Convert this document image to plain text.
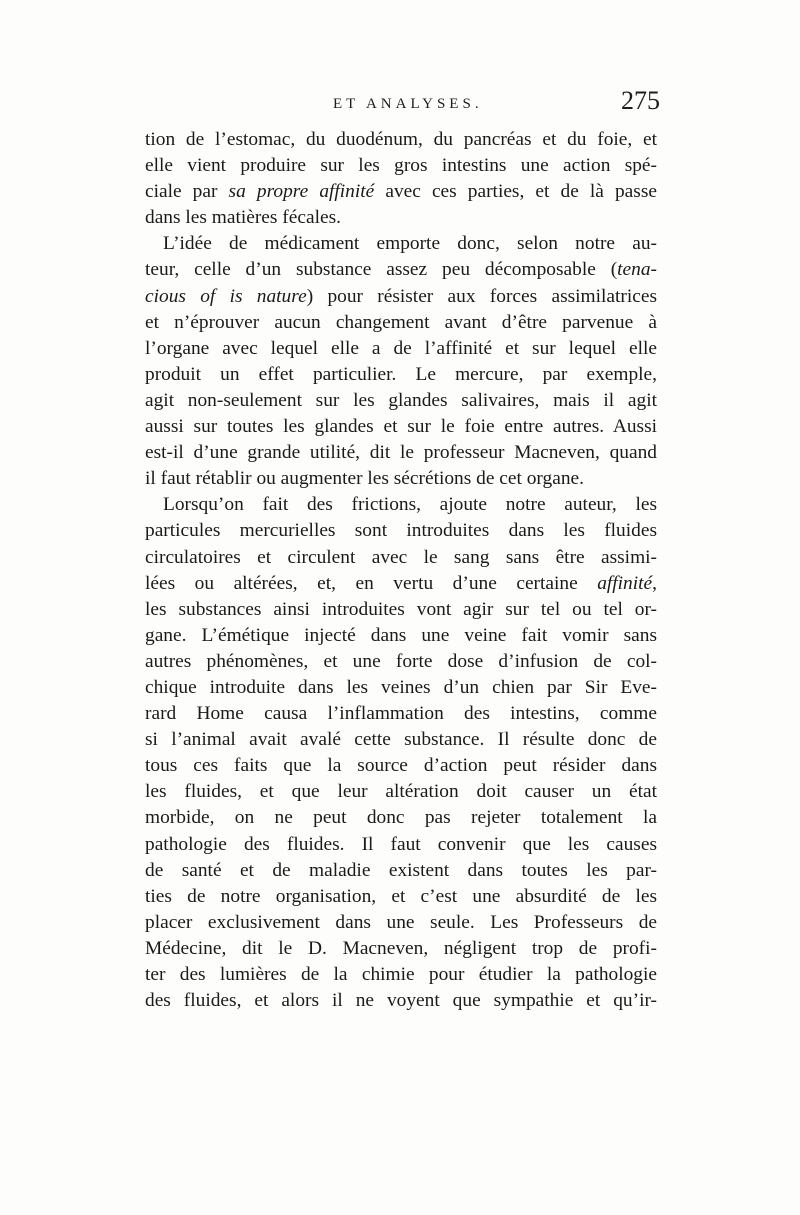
ET ANALYSES.	275
tion de l’estomac, du duodénum, du pancréas et du foie, et
elle vient produire sur les gros intestins une action spé-
ciale par sa propre affinité avec ces parties, et de là passe
dans les matières fécales.
L’idée de médicament emporte donc, selon notre au-
teur, celle d’un substance assez peu décomposable (tena-
cious of is nature) pour résister aux forces assimilatrices
et n’éprouver aucun changement avant d’être parvenue à
l’organe avec lequel elle a de l’affinité et sur lequel elle
produit un effet particulier. Le mercure, par exemple,
agit non-seulement sur les glandes salivaires, mais il agit
aussi sur toutes les glandes et sur le foie entre autres. Aussi
est-il d’une grande utilité, dit le professeur Macneven, quand
il faut rétablir ou augmenter les sécrétions de cet organe.
Lorsqu’on fait des frictions, ajoute notre auteur, les
particules mercurielles sont introduites dans les fluides
circulatoires et circulent avec le sang sans être assimi-
lées ou altérées, et, en vertu d’une certaine affinité,
les substances ainsi introduites vont agir sur tel ou tel or-
gane. L’émétique injecté dans une veine fait vomir sans
autres phénomènes, et une forte dose d’infusion de col-
chique introduite dans les veines d’un chien par Sir Eve-
rard Home causa l’inflammation des intestins, comme
si l’animal avait avalé cette substance. Il résulte donc de
tous ces faits que la source d’action peut résider dans
les fluides, et que leur altération doit causer un état
morbide, on ne peut donc pas rejeter totalement la
pathologie des fluides. Il faut convenir que les causes
de santé et de maladie existent dans toutes les par-
ties de notre organisation, et c’est une absurdité de les
placer exclusivement dans une seule. Les Professeurs de
Médecine, dit le D. Macneven, négligent trop de profi-
ter des lumières de la chimie pour étudier la pathologie
des fluides, et alors il ne voyent que sympathie et qu’ir-
